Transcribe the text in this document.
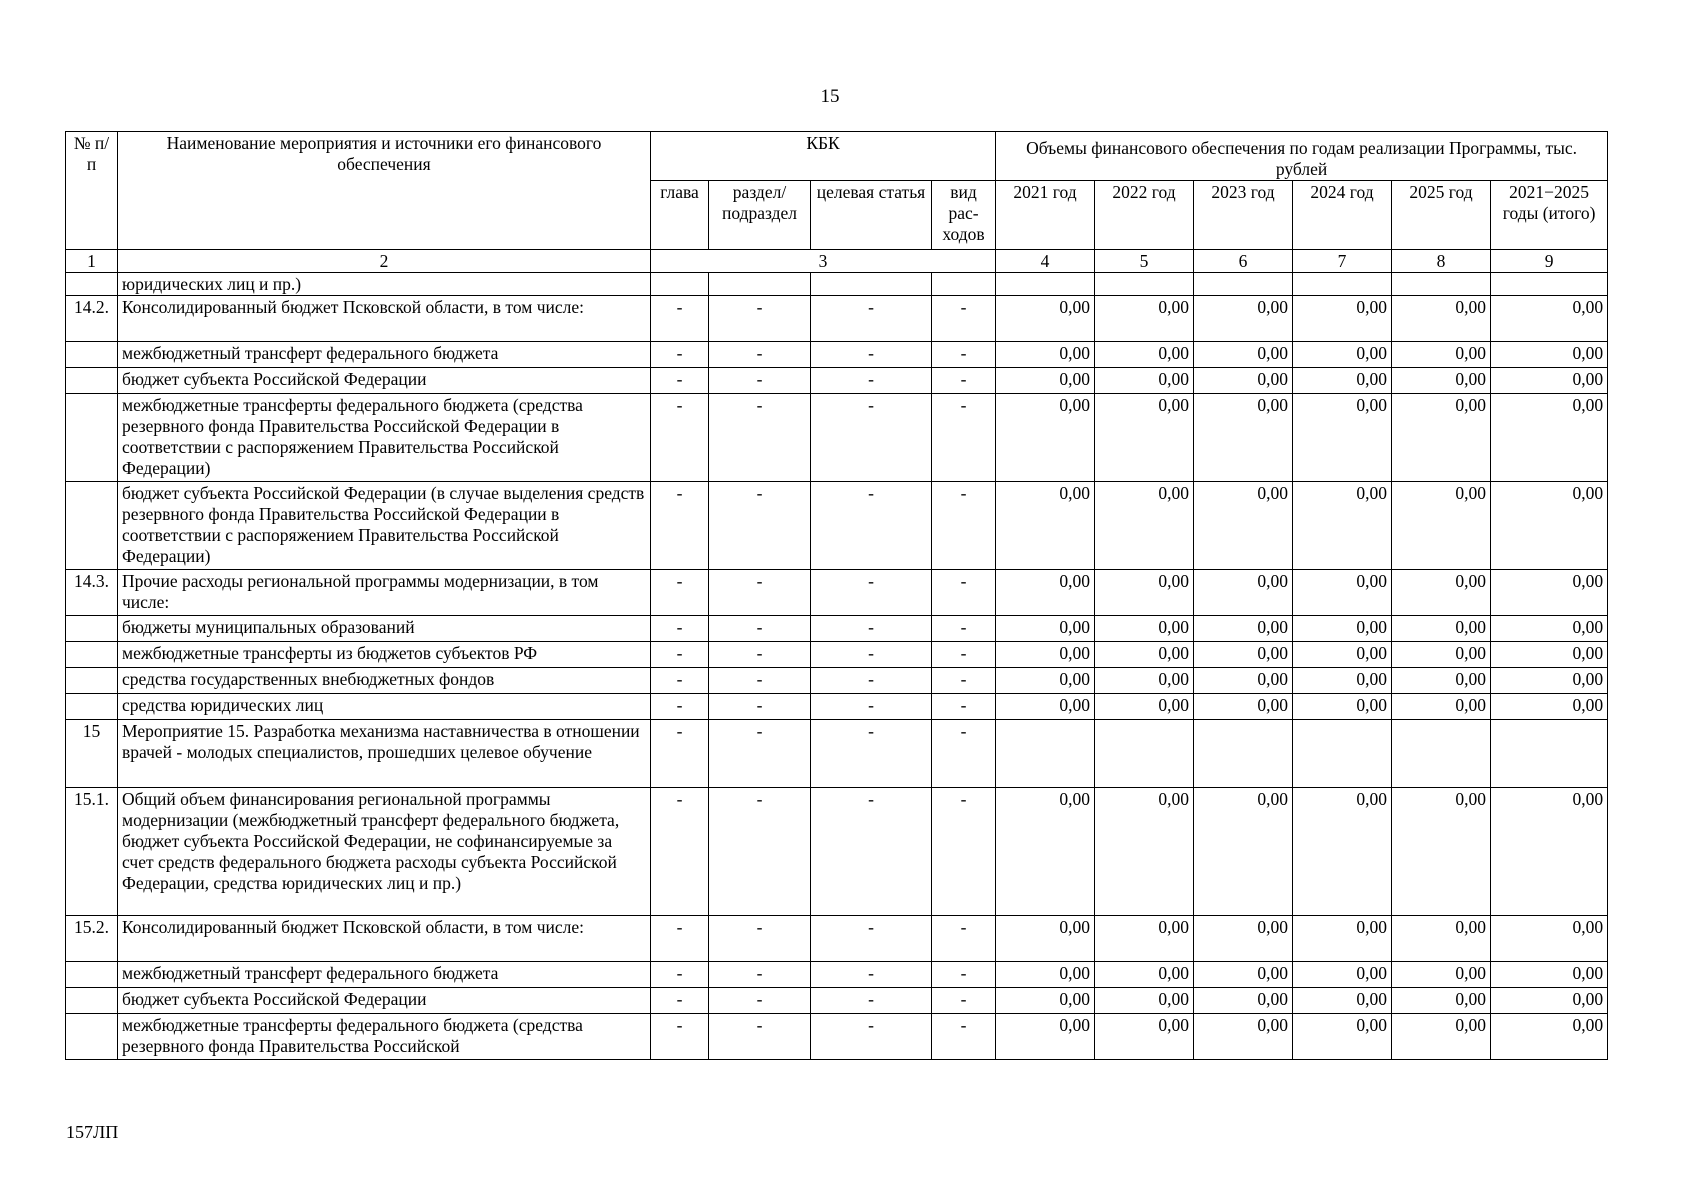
15
№ п/п	Наименование мероприятия и источники его финансового обеспечения	КБК				Объемы финансового обеспечения по годам реализации Программы, тыс. рублей					
		глава	раздел/ подраздел	целевая статья	вид рас- ходов	2021 год	2022 год	2023 год	2024 год	2025 год	2021−2025 годы (итого)
1	2	3				4	5	6	7	8	9
	юридических лиц и пр.)										
14.2.	Консолидированный бюджет Псковской области, в том числе:	-	-	-	-	0,00	0,00	0,00	0,00	0,00	0,00
	межбюджетный трансферт федерального бюджета	-	-	-	-	0,00	0,00	0,00	0,00	0,00	0,00
	бюджет субъекта Российской Федерации	-	-	-	-	0,00	0,00	0,00	0,00	0,00	0,00
	межбюджетные трансферты федерального бюджета (средства резервного фонда Правительства Российской Федерации в соответствии с распоряжением Правительства Российской Федерации)	-	-	-	-	0,00	0,00	0,00	0,00	0,00	0,00
	бюджет субъекта Российской Федерации (в случае выделения средств резервного фонда Правительства Российской Федерации в соответствии с распоряжением Правительства Российской Федерации)	-	-	-	-	0,00	0,00	0,00	0,00	0,00	0,00
14.3.	Прочие расходы региональной программы модернизации, в том числе:	-	-	-	-	0,00	0,00	0,00	0,00	0,00	0,00
	бюджеты муниципальных образований	-	-	-	-	0,00	0,00	0,00	0,00	0,00	0,00
	межбюджетные трансферты из бюджетов субъектов РФ	-	-	-	-	0,00	0,00	0,00	0,00	0,00	0,00
	средства государственных внебюджетных фондов	-	-	-	-	0,00	0,00	0,00	0,00	0,00	0,00
	средства юридических лиц	-	-	-	-	0,00	0,00	0,00	0,00	0,00	0,00
15	Мероприятие 15. Разработка механизма наставничества в отношении врачей - молодых специалистов, прошедших целевое обучение	-	-	-	-						
15.1.	Общий объем финансирования региональной программы модернизации (межбюджетный трансферт федерального бюджета, бюджет субъекта Российской Федерации, не софинансируемые за счет средств федерального бюджета расходы субъекта Российской Федерации, средства юридических лиц и пр.)	-	-	-	-	0,00	0,00	0,00	0,00	0,00	0,00
15.2.	Консолидированный бюджет Псковской области, в том числе:	-	-	-	-	0,00	0,00	0,00	0,00	0,00	0,00
	межбюджетный трансферт федерального бюджета	-	-	-	-	0,00	0,00	0,00	0,00	0,00	0,00
	бюджет субъекта Российской Федерации	-	-	-	-	0,00	0,00	0,00	0,00	0,00	0,00
	межбюджетные трансферты федерального бюджета (средства резервного фонда Правительства Российской	-	-	-	-	0,00	0,00	0,00	0,00	0,00	0,00
157ЛП
